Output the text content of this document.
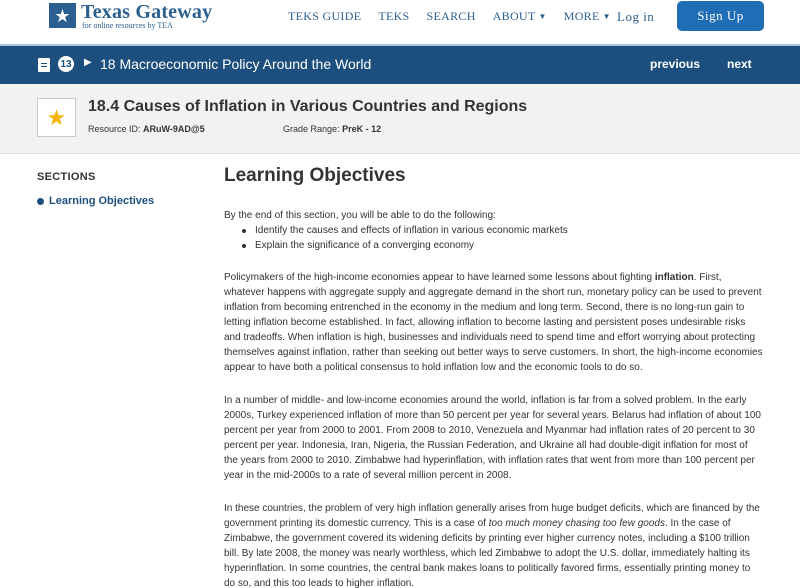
★ Texas Gateway
for online resources by TEA
TEKS GUIDE TEKS SEARCH ABOUT ▼ MORE ▼ Log in	Sign Up
13 ▶ 18 Macroeconomic Policy Around the World	previous next
★	18.4 Causes of Inflation in Various Countries and Regions
Resource ID: ARuW-9AD@5	Grade Range: PreK - 12
SECTIONS
Learning Objectives
Learning Objectives

By the end of this section, you will be able to do the following:

Identify the causes and effects of inflation in various economic markets
Explain the significance of a converging economy

Policymakers of the high-income economies appear to have learned some lessons about fighting inflation. First, whatever happens with aggregate supply and aggregate demand in the short run, monetary policy can be used to prevent inflation from becoming entrenched in the economy in the medium and long term. Second, there is no long-run gain to letting inflation become established. In fact, allowing inflation to become lasting and persistent poses undesirable risks and tradeoffs. When inflation is high, businesses and individuals need to spend time and effort worrying about protecting themselves against inflation, rather than seeking out better ways to serve customers. In short, the high-income economies appear to have both a political consensus to hold inflation low and the economic tools to do so.

In a number of middle- and low-income economies around the world, inflation is far from a solved problem. In the early 2000s, Turkey experienced inflation of more than 50 percent per year for several years. Belarus had inflation of about 100 percent per year from 2000 to 2001. From 2008 to 2010, Venezuela and Myanmar had inflation rates of 20 percent to 30 percent per year. Indonesia, Iran, Nigeria, the Russian Federation, and Ukraine all had double-digit inflation for most of the years from 2000 to 2010. Zimbabwe had hyperinflation, with inflation rates that went from more than 100 percent per year in the mid-2000s to a rate of several million percent in 2008.

In these countries, the problem of very high inflation generally arises from huge budget deficits, which are financed by the government printing its domestic currency. This is a case of too much money chasing too few goods. In the case of Zimbabwe, the government covered its widening deficits by printing ever higher currency notes, including a $100 trillion bill. By late 2008, the money was nearly worthless, which led Zimbabwe to adopt the U.S. dollar, immediately halting its hyperinflation. In some countries, the central bank makes loans to politically favored firms, essentially printing money to do so, and this too leads to higher inflation.
